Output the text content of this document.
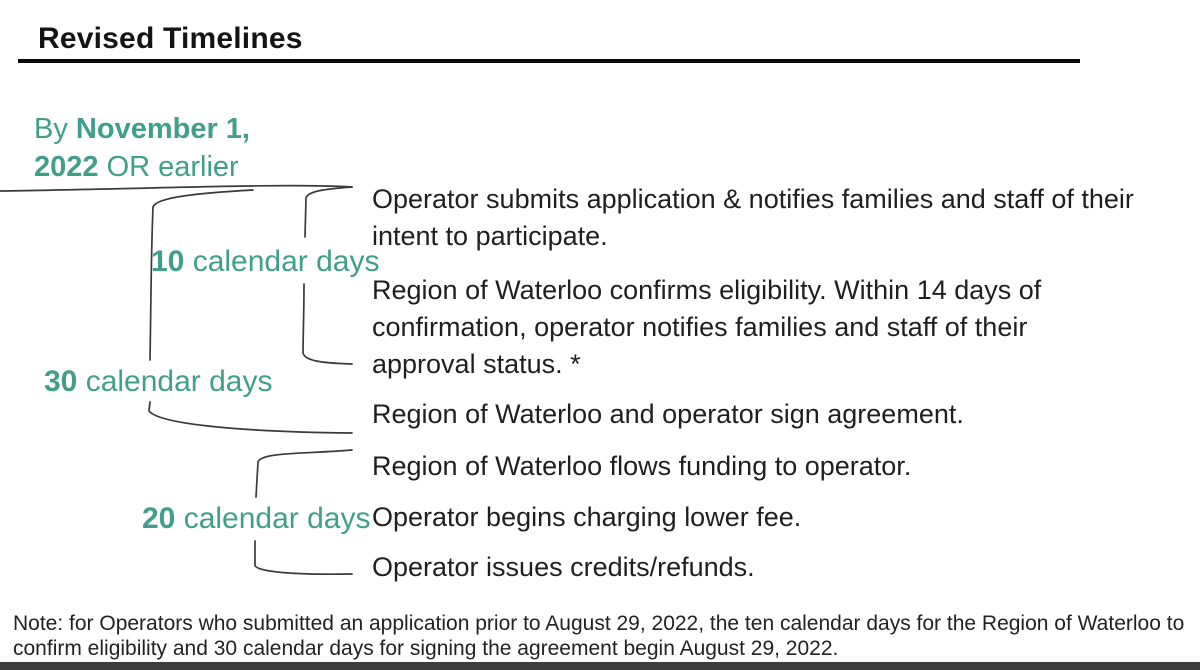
Revised Timelines
By November 1, 2022 OR earlier
10 calendar days
30 calendar days
20 calendar days
Operator submits application & notifies families and staff of their intent to participate.
Region of Waterloo confirms eligibility. Within 14 days of confirmation, operator notifies families and staff of their approval status. *
Region of Waterloo and operator sign agreement.
Region of Waterloo flows funding to operator.
Operator begins charging lower fee.
Operator issues credits/refunds.
Note: for Operators who submitted an application prior to August 29, 2022, the ten calendar days for the Region of Waterloo to confirm eligibility and 30 calendar days for signing the agreement begin August 29, 2022.
